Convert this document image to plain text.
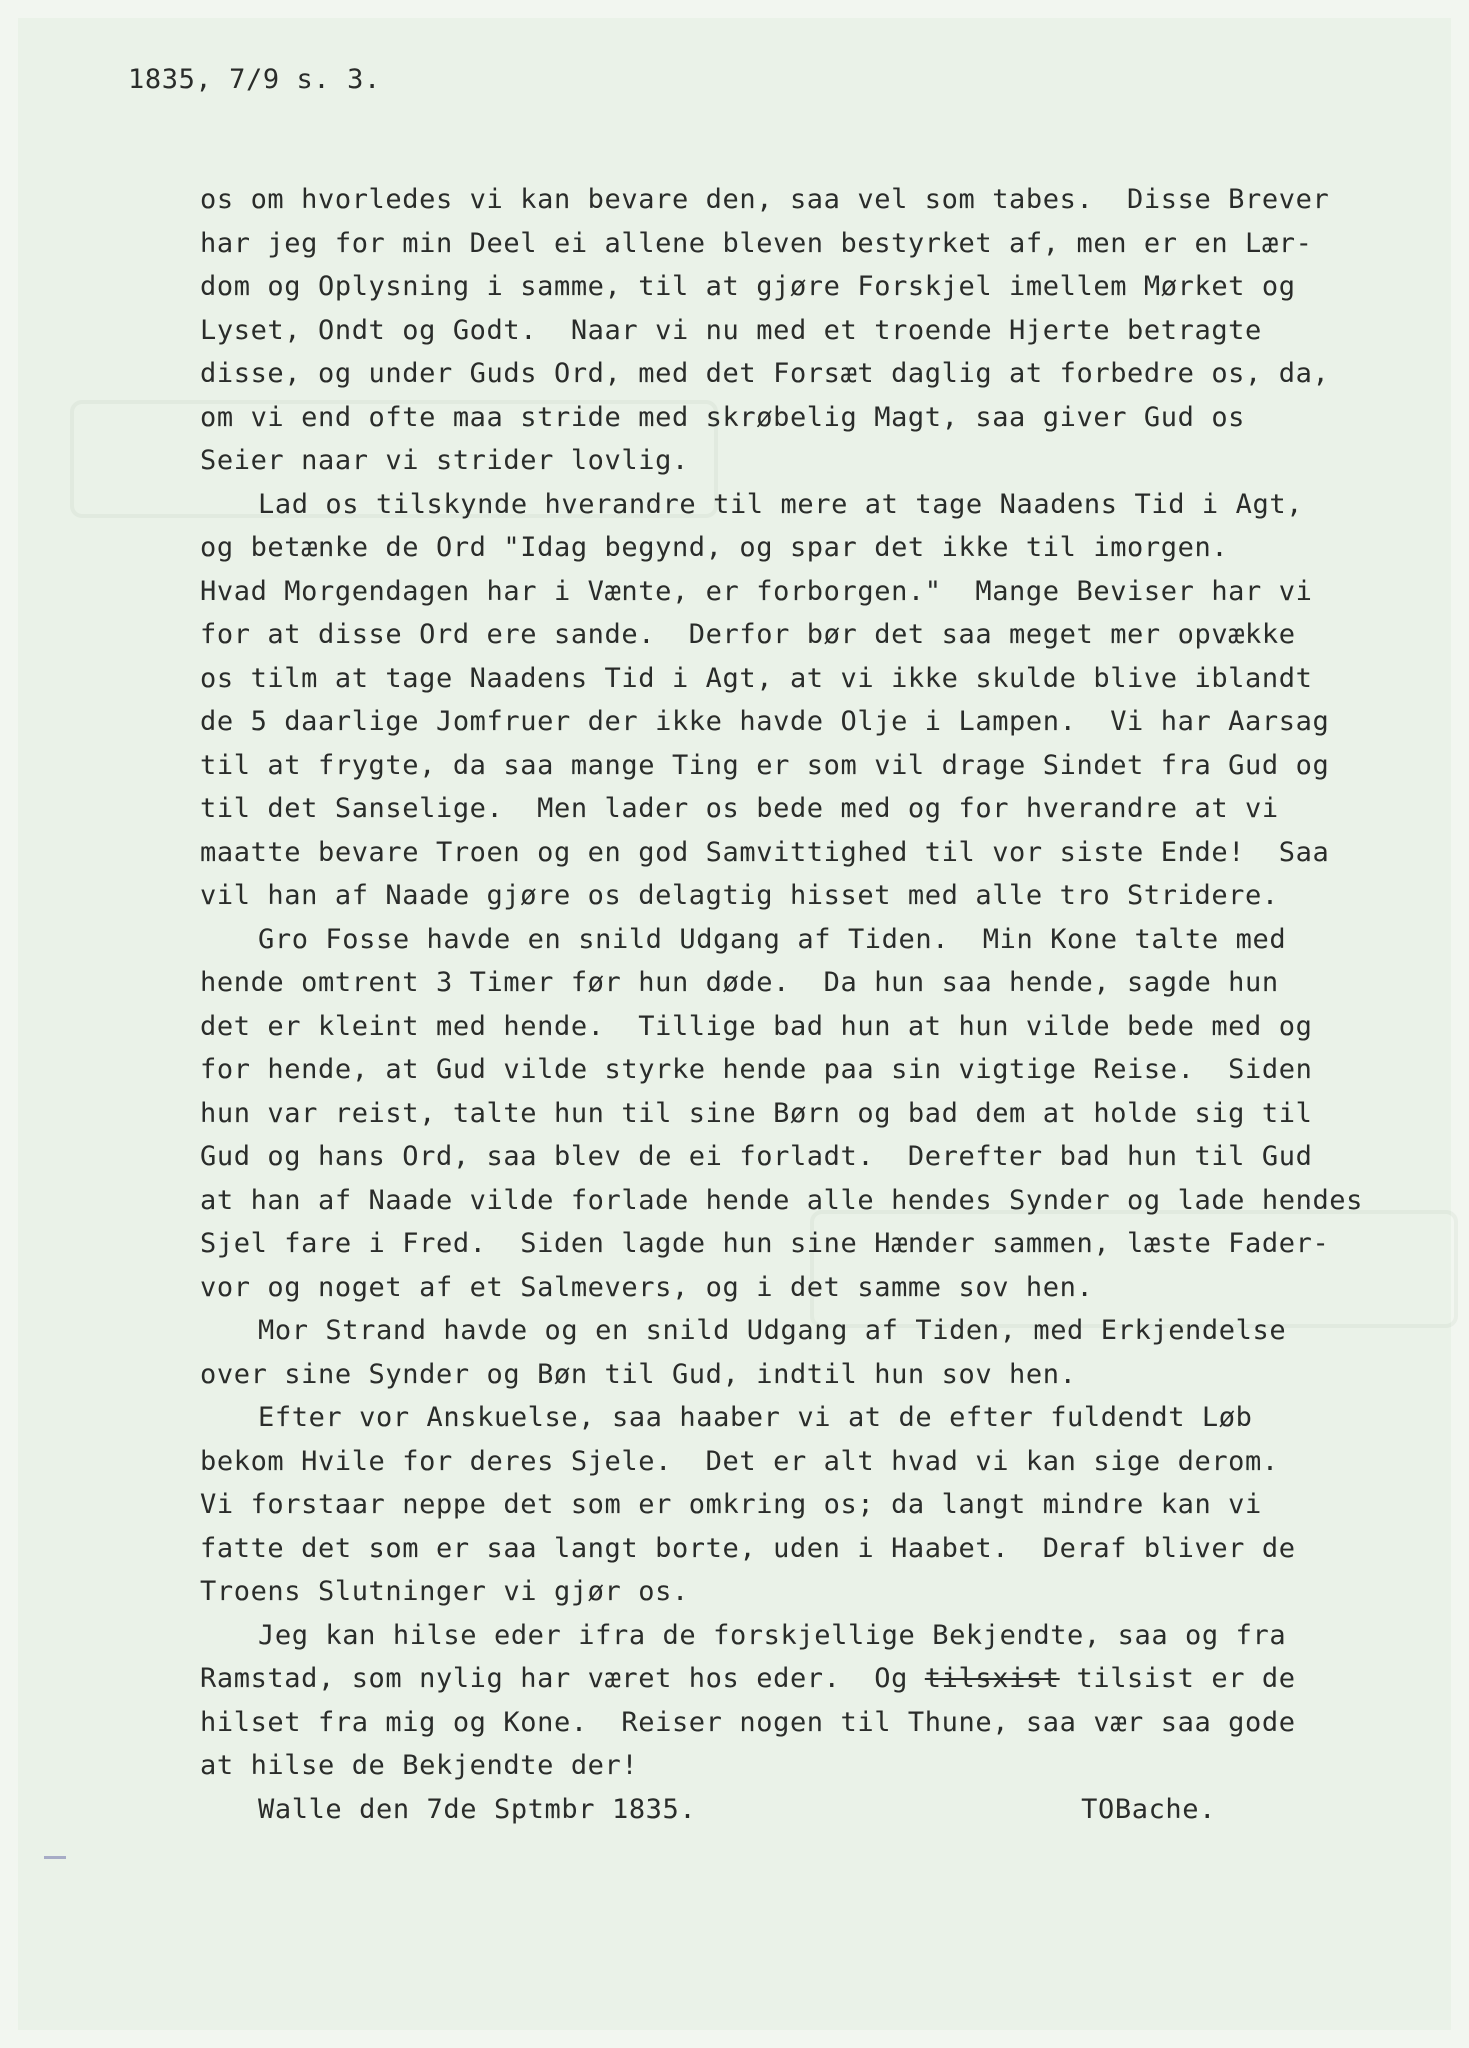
1835, 7/9 s. 3.
os om hvorledes vi kan bevare den, saa vel som tabes.  Disse Brever
har jeg for min Deel ei allene bleven bestyrket af, men er en Lær-
dom og Oplysning i samme, til at gjøre Forskjel imellem Mørket og
Lyset, Ondt og Godt.  Naar vi nu med et troende Hjerte betragte
disse, og under Guds Ord, med det Forsæt daglig at forbedre os, da,
om vi end ofte maa stride med skrøbelig Magt, saa giver Gud os
Seier naar vi strider lovlig.
Lad os tilskynde hverandre til mere at tage Naadens Tid i Agt,
og betænke de Ord "Idag begynd, og spar det ikke til imorgen.
Hvad Morgendagen har i Vænte, er forborgen."  Mange Beviser har vi
for at disse Ord ere sande.  Derfor bør det saa meget mer opvække
os tilm at tage Naadens Tid i Agt, at vi ikke skulde blive iblandt
de 5 daarlige Jomfruer der ikke havde Olje i Lampen.  Vi har Aarsag
til at frygte, da saa mange Ting er som vil drage Sindet fra Gud og
til det Sanselige.  Men lader os bede med og for hverandre at vi
maatte bevare Troen og en god Samvittighed til vor siste Ende!  Saa
vil han af Naade gjøre os delagtig hisset med alle tro Stridere.
Gro Fosse havde en snild Udgang af Tiden.  Min Kone talte med
hende omtrent 3 Timer før hun døde.  Da hun saa hende, sagde hun
det er kleint med hende.  Tillige bad hun at hun vilde bede med og
for hende, at Gud vilde styrke hende paa sin vigtige Reise.  Siden
hun var reist, talte hun til sine Børn og bad dem at holde sig til
Gud og hans Ord, saa blev de ei forladt.  Derefter bad hun til Gud
at han af Naade vilde forlade hende alle hendes Synder og lade hendes
Sjel fare i Fred.  Siden lagde hun sine Hænder sammen, læste Fader-
vor og noget af et Salmevers, og i det samme sov hen.
Mor Strand havde og en snild Udgang af Tiden, med Erkjendelse
over sine Synder og Bøn til Gud, indtil hun sov hen.
Efter vor Anskuelse, saa haaber vi at de efter fuldendt Løb
bekom Hvile for deres Sjele.  Det er alt hvad vi kan sige derom.
Vi forstaar neppe det som er omkring os; da langt mindre kan vi
fatte det som er saa langt borte, uden i Haabet.  Deraf bliver de
Troens Slutninger vi gjør os.
Jeg kan hilse eder ifra de forskjellige Bekjendte, saa og fra
Ramstad, som nylig har været hos eder.  Og tilsxist tilsist er de
hilset fra mig og Kone.  Reiser nogen til Thune, saa vær saa gode
at hilse de Bekjendte der!
Walle den 7de Sptmbr 1835.	TOBache.
